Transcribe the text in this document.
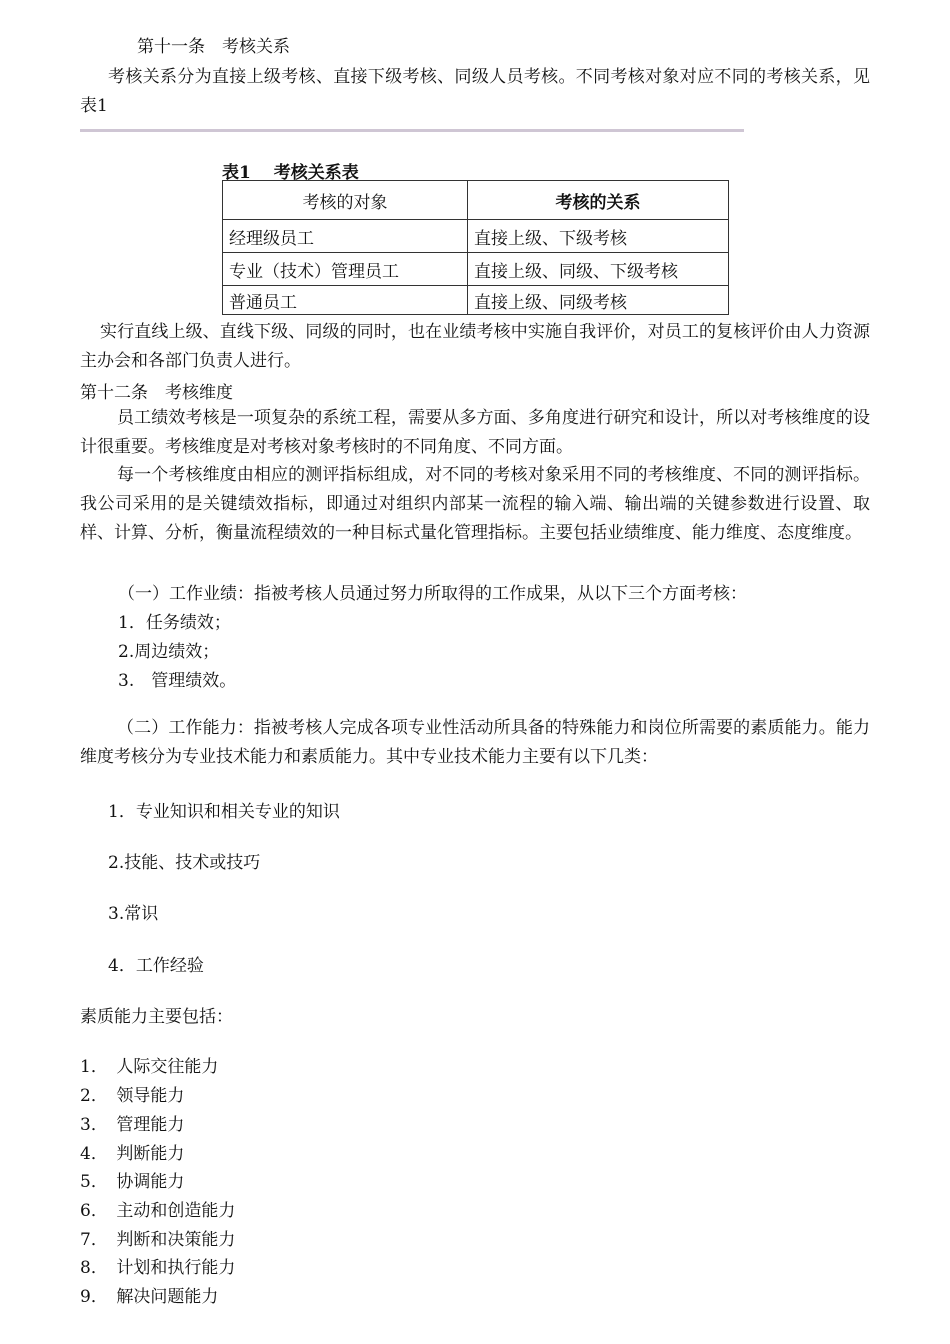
第十一条　考核关系
考核关系分为直接上级考核、直接下级考核、同级人员考核。不同考核对象对应不同的考核关系，见表1
表1　 考核关系表
考核的对象	考核的关系
经理级员工	直接上级、下级考核
专业（技术）管理员工	直接上级、同级、下级考核
普通员工	直接上级、同级考核
实行直线上级、直线下级、同级的同时，也在业绩考核中实施自我评价，对员工的复核评价由人力资源主办会和各部门负责人进行。
第十二条　考核维度
员工绩效考核是一项复杂的系统工程，需要从多方面、多角度进行研究和设计，所以对考核维度的设计很重要。考核维度是对考核对象考核时的不同角度、不同方面。
每一个考核维度由相应的测评指标组成，对不同的考核对象采用不同的考核维度、不同的测评指标。我公司采用的是关键绩效指标，即通过对组织内部某一流程的输入端、输出端的关键参数进行设置、取样、计算、分析，衡量流程绩效的一种目标式量化管理指标。主要包括业绩维度、能力维度、态度维度。
（一）工作业绩：指被考核人员通过努力所取得的工作成果，从以下三个方面考核：
1．任务绩效；
2.周边绩效；
3.　管理绩效。
（二）工作能力：指被考核人完成各项专业性活动所具备的特殊能力和岗位所需要的素质能力。能力维度考核分为专业技术能力和素质能力。其中专业技术能力主要有以下几类：
1．专业知识和相关专业的知识
2.技能、技术或技巧
3.常识
4．工作经验
素质能力主要包括：
1．　人际交往能力
2．　领导能力
3．　管理能力
4．　判断能力
5．　协调能力
6．　主动和创造能力
7．　判断和决策能力
8．　计划和执行能力
9．　解决问题能力
